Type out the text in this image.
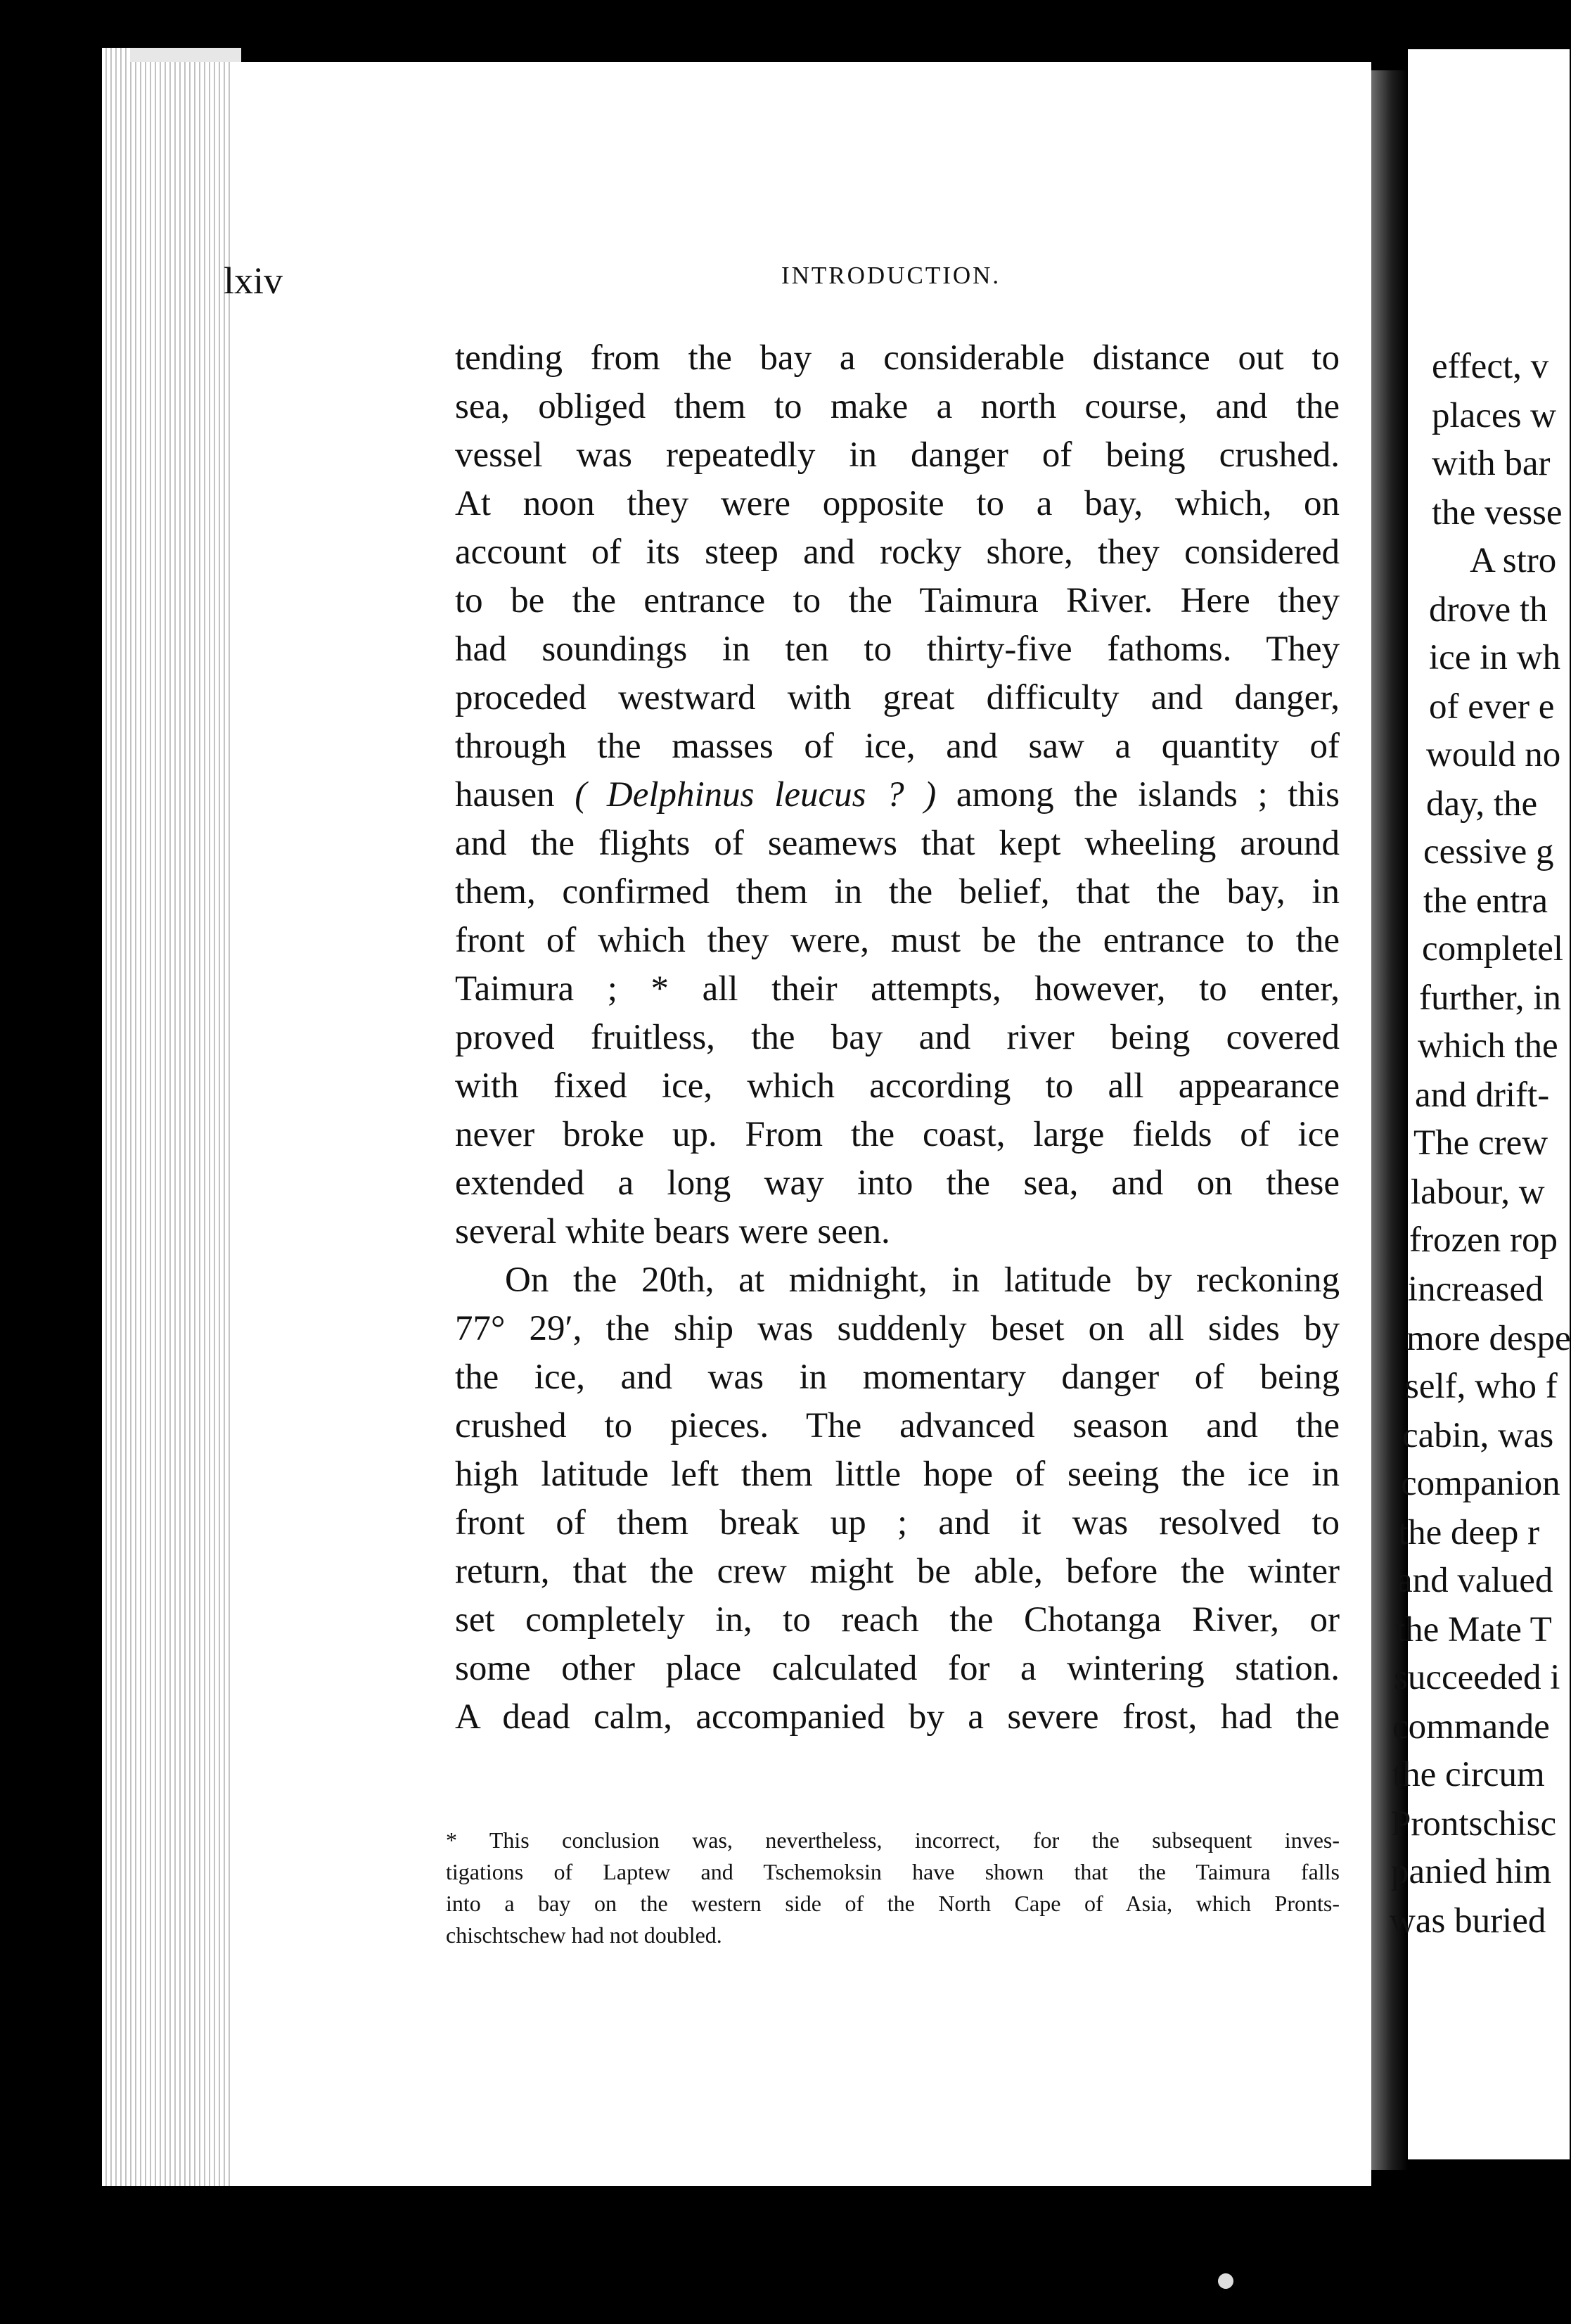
effect, v
places w
with bar
the vesse
A stro
drove th
ice in wh
of ever e
would no
day, the
cessive g
the entra
completel
further, in
which the
and drift-
The crew
labour, w
frozen rop
increased
more despe
self, who f
cabin, was
companion
the deep r
and valued
the Mate T
succeeded i
commande
the circum
Prontschisc
panied him
was buried
lxiv	INTRODUCTION.
tending from the bay a considerable distance out to
sea, obliged them to make a north course, and the
vessel was repeatedly in danger of being crushed.
At noon they were opposite to a bay, which, on
account of its steep and rocky shore, they considered
to be the entrance to the Taimura River. Here they
had soundings in ten to thirty-five fathoms. They
proceded westward with great difficulty and danger,
through the masses of ice, and saw a quantity of
hausen ( Delphinus leucus ? ) among the islands ; this
and the flights of seamews that kept wheeling around
them, confirmed them in the belief, that the bay, in
front of which they were, must be the entrance to the
Taimura ; * all their attempts, however, to enter,
proved fruitless, the bay and river being covered
with fixed ice, which according to all appearance
never broke up. From the coast, large fields of ice
extended a long way into the sea, and on these
several white bears were seen.
On the 20th, at midnight, in latitude by reckoning
77° 29′, the ship was suddenly beset on all sides by
the ice, and was in momentary danger of being
crushed to pieces. The advanced season and the
high latitude left them little hope of seeing the ice in
front of them break up ; and it was resolved to
return, that the crew might be able, before the winter
set completely in, to reach the Chotanga River, or
some other place calculated for a wintering station.
A dead calm, accompanied by a severe frost, had the
* This conclusion was, nevertheless, incorrect, for the subsequent inves-
tigations of Laptew and Tschemoksin have shown that the Taimura falls
into a bay on the western side of the North Cape of Asia, which Pronts-
chischtschew had not doubled.
